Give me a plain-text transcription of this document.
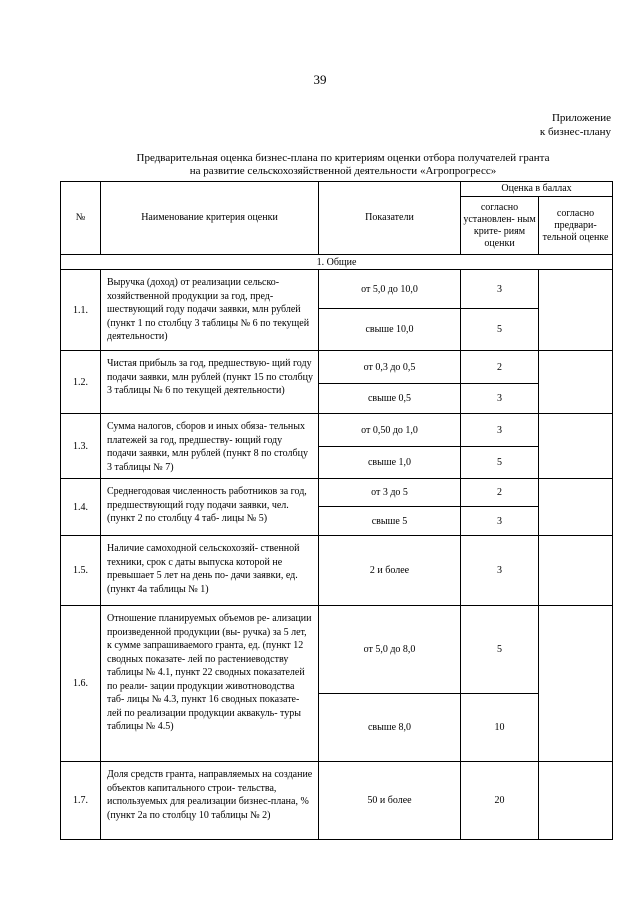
39
Приложение
к бизнес-плану
Предварительная оценка бизнес-плана по критериям оценки отбора получателей гранта
на развитие сельскохозяйственной деятельности «Агропрогресс»
№	Наименование критерия оценки	Показатели	Оценка в баллах	
			согласно установлен- ным крите- риям оценки	согласно предвари- тельной оценке
1. Общие				
1.1.	Выручка (доход) от реализации сельско- хозяйственной продукции за год, пред- шествующий году подачи заявки, млн рублей (пункт 1 по столбцу 3 таблицы № 6 по текущей деятельности)	от 5,0 до 10,0	3	
		свыше 10,0	5	
1.2.	Чистая прибыль за год, предшествую- щий году подачи заявки, млн рублей (пункт 15 по столбцу 3 таблицы № 6 по текущей деятельности)	от 0,3 до 0,5	2	
		свыше 0,5	3	
1.3.	Сумма налогов, сборов и иных обяза- тельных платежей за год, предшеству- ющий году подачи заявки, млн рублей (пункт 8 по столбцу 3 таблицы № 7)	от 0,50 до 1,0	3	
		свыше 1,0	5	
1.4.	Среднегодовая численность работников за год, предшествующий году подачи заявки, чел. (пункт 2 по столбцу 4 таб- лицы № 5)	от 3 до 5	2	
		свыше 5	3	
1.5.	Наличие самоходной сельскохозяй- ственной техники, срок с даты выпуска которой не превышает 5 лет на день по- дачи заявки, ед. (пункт 4а таблицы № 1)	2 и более	3	
1.6.	Отношение планируемых объемов ре- ализации произведенной продукции (вы- ручка) за 5 лет, к сумме запрашиваемого гранта, ед. (пункт 12 сводных показате- лей по растениеводству таблицы № 4.1, пункт 22 сводных показателей по реали- зации продукции животноводства таб- лицы № 4.3, пункт 16 сводных показате- лей по реализации продукции аквакуль- туры таблицы № 4.5)	от 5,0 до 8,0	5	
		свыше 8,0	10	
1.7.	Доля средств гранта, направляемых на создание объектов капитального строи- тельства, используемых для реализации бизнес-плана, % (пункт 2а по столбцу 10 таблицы № 2)	50 и более	20	
